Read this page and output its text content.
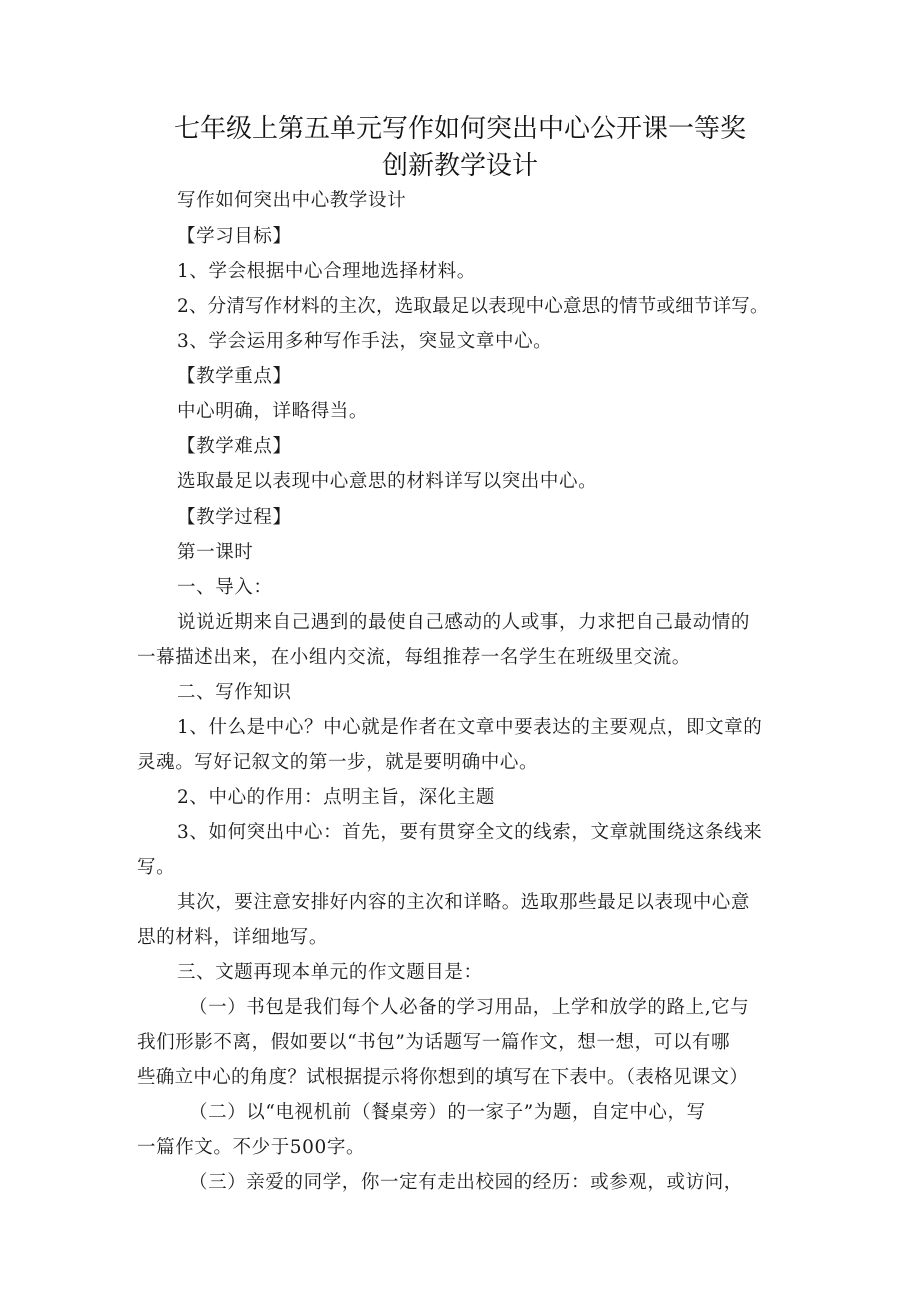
七年级上第五单元写作如何突出中心公开课一等奖
创新教学设计
写作如何突出中心教学设计
【学习目标】
1、学会根据中心合理地选择材料。
2、分清写作材料的主次，选取最足以表现中心意思的情节或细节详写。
3、学会运用多种写作手法，突显文章中心。
【教学重点】
中心明确，详略得当。
【教学难点】
选取最足以表现中心意思的材料详写以突出中心。
【教学过程】
第一课时
一、导入：
说说近期来自己遇到的最使自己感动的人或事，力求把自己最动情的
一幕描述出来，在小组内交流，每组推荐一名学生在班级里交流。
二、写作知识
1、什么是中心？中心就是作者在文章中要表达的主要观点，即文章的
灵魂。写好记叙文的第一步，就是要明确中心。
2、中心的作用：点明主旨，深化主题
3、如何突出中心：首先，要有贯穿全文的线索，文章就围绕这条线来
写。
其次，要注意安排好内容的主次和详略。选取那些最足以表现中心意
思的材料，详细地写。
三、文题再现本单元的作文题目是：
（一）书包是我们每个人必备的学习用品，上学和放学的路上,它与
我们形影不离，假如要以“书包”为话题写一篇作文，想一想，可以有哪
些确立中心的角度？试根据提示将你想到的填写在下表中。（表格见课文）
（二）以“电视机前（餐桌旁）的一家子”为题，自定中心，写
一篇作文。不少于500字。
（三）亲爱的同学，你一定有走出校园的经历：或参观，或访问，
